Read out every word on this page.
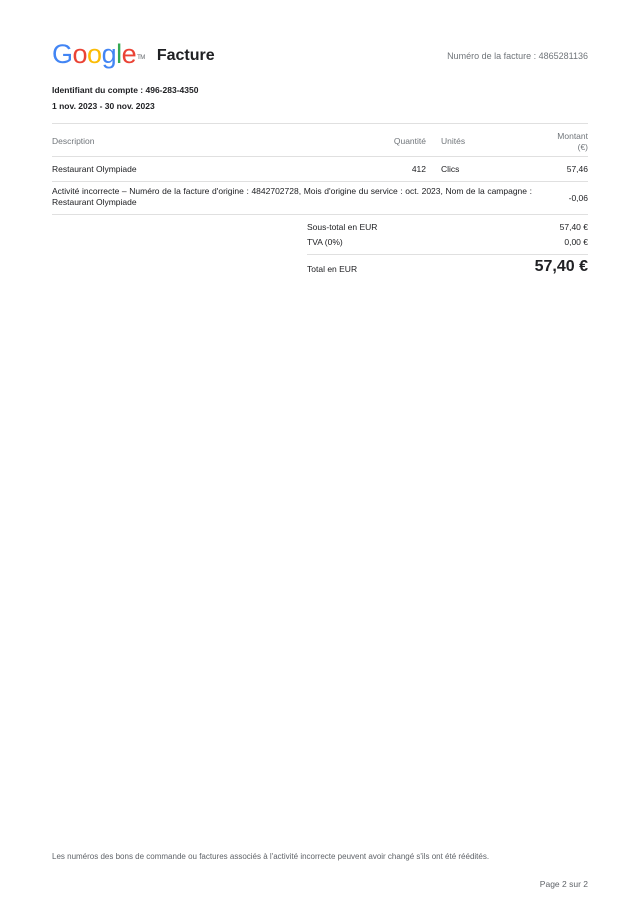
Google™ Facture	Numéro de la facture : 4865281136
Identifiant du compte : 496-283-4350
1 nov. 2023 - 30 nov. 2023
Description	Quantité Unités	Montant
(€)
Restaurant Olympiade	412 Clics	57,46
Activité incorrecte – Numéro de la facture d'origine : 4842702728, Mois d'origine du service : oct. 2023, Nom de la campagne : Restaurant Olympiade	-0,06
Sous-total en EUR	57,40 €
TVA (0%)	0,00 €
Total en EUR	57,40 €
Les numéros des bons de commande ou factures associés à l'activité incorrecte peuvent avoir changé s'ils ont été réédités.
Page 2 sur 2
